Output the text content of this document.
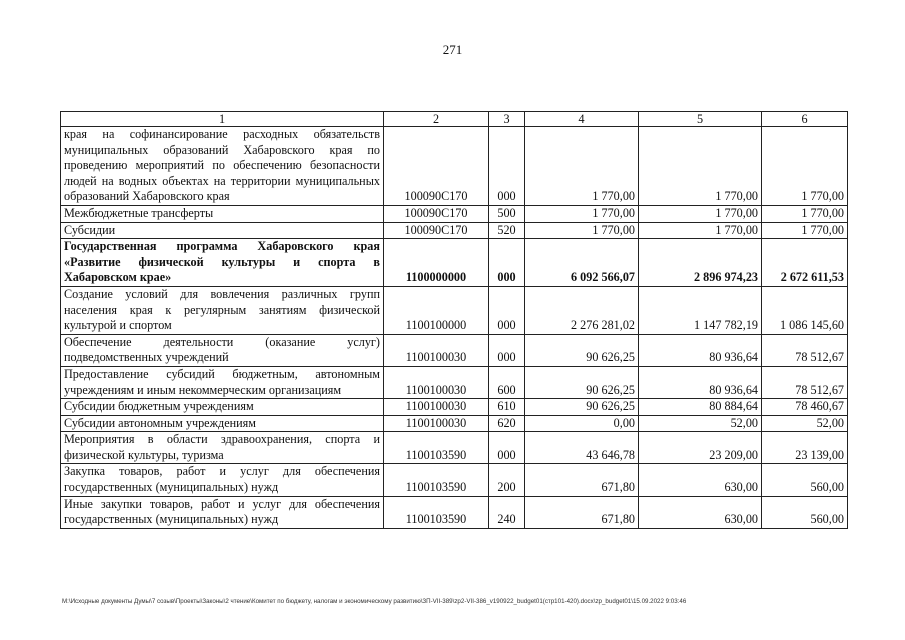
271
1	2	3	4	5	6
края на софинансирование расходных обязательств муниципальных образований Хабаровского края по проведению мероприятий по обеспечению безопасности людей на водных объектах на территории муниципальных образований Хабаровского края	100090С170	000	1 770,00	1 770,00	1 770,00
Межбюджетные трансферты	100090С170	500	1 770,00	1 770,00	1 770,00
Субсидии	100090С170	520	1 770,00	1 770,00	1 770,00
Государственная программа Хабаровского края «Развитие физической культуры и спорта в Хабаровском крае»	1100000000	000	6 092 566,07	2 896 974,23	2 672 611,53
Создание условий для вовлечения различных групп населения края к регулярным занятиям физической культурой и спортом	1100100000	000	2 276 281,02	1 147 782,19	1 086 145,60
Обеспечение деятельности (оказание услуг) подведомственных учреждений	1100100030	000	90 626,25	80 936,64	78 512,67
Предоставление субсидий бюджетным, автономным учреждениям и иным некоммерческим организациям	1100100030	600	90 626,25	80 936,64	78 512,67
Субсидии бюджетным учреждениям	1100100030	610	90 626,25	80 884,64	78 460,67
Субсидии автономным учреждениям	1100100030	620	0,00	52,00	52,00
Мероприятия в области здравоохранения, спорта и физической культуры, туризма	1100103590	000	43 646,78	23 209,00	23 139,00
Закупка товаров, работ и услуг для обеспечения государственных (муниципальных) нужд	1100103590	200	671,80	630,00	560,00
Иные закупки товаров, работ и услуг для обеспечения государственных (муниципальных) нужд	1100103590	240	671,80	630,00	560,00
M:\Исходные документы Думы\7 созыв\Проекты\Законы\2 чтение\Комитет по бюджету, налогам и экономическому развитию\ЗП-VII-389\zp2-VII-386_v190922_budget01(стр101-420).docx\zp_budget01\15.09.2022 9:03:46
